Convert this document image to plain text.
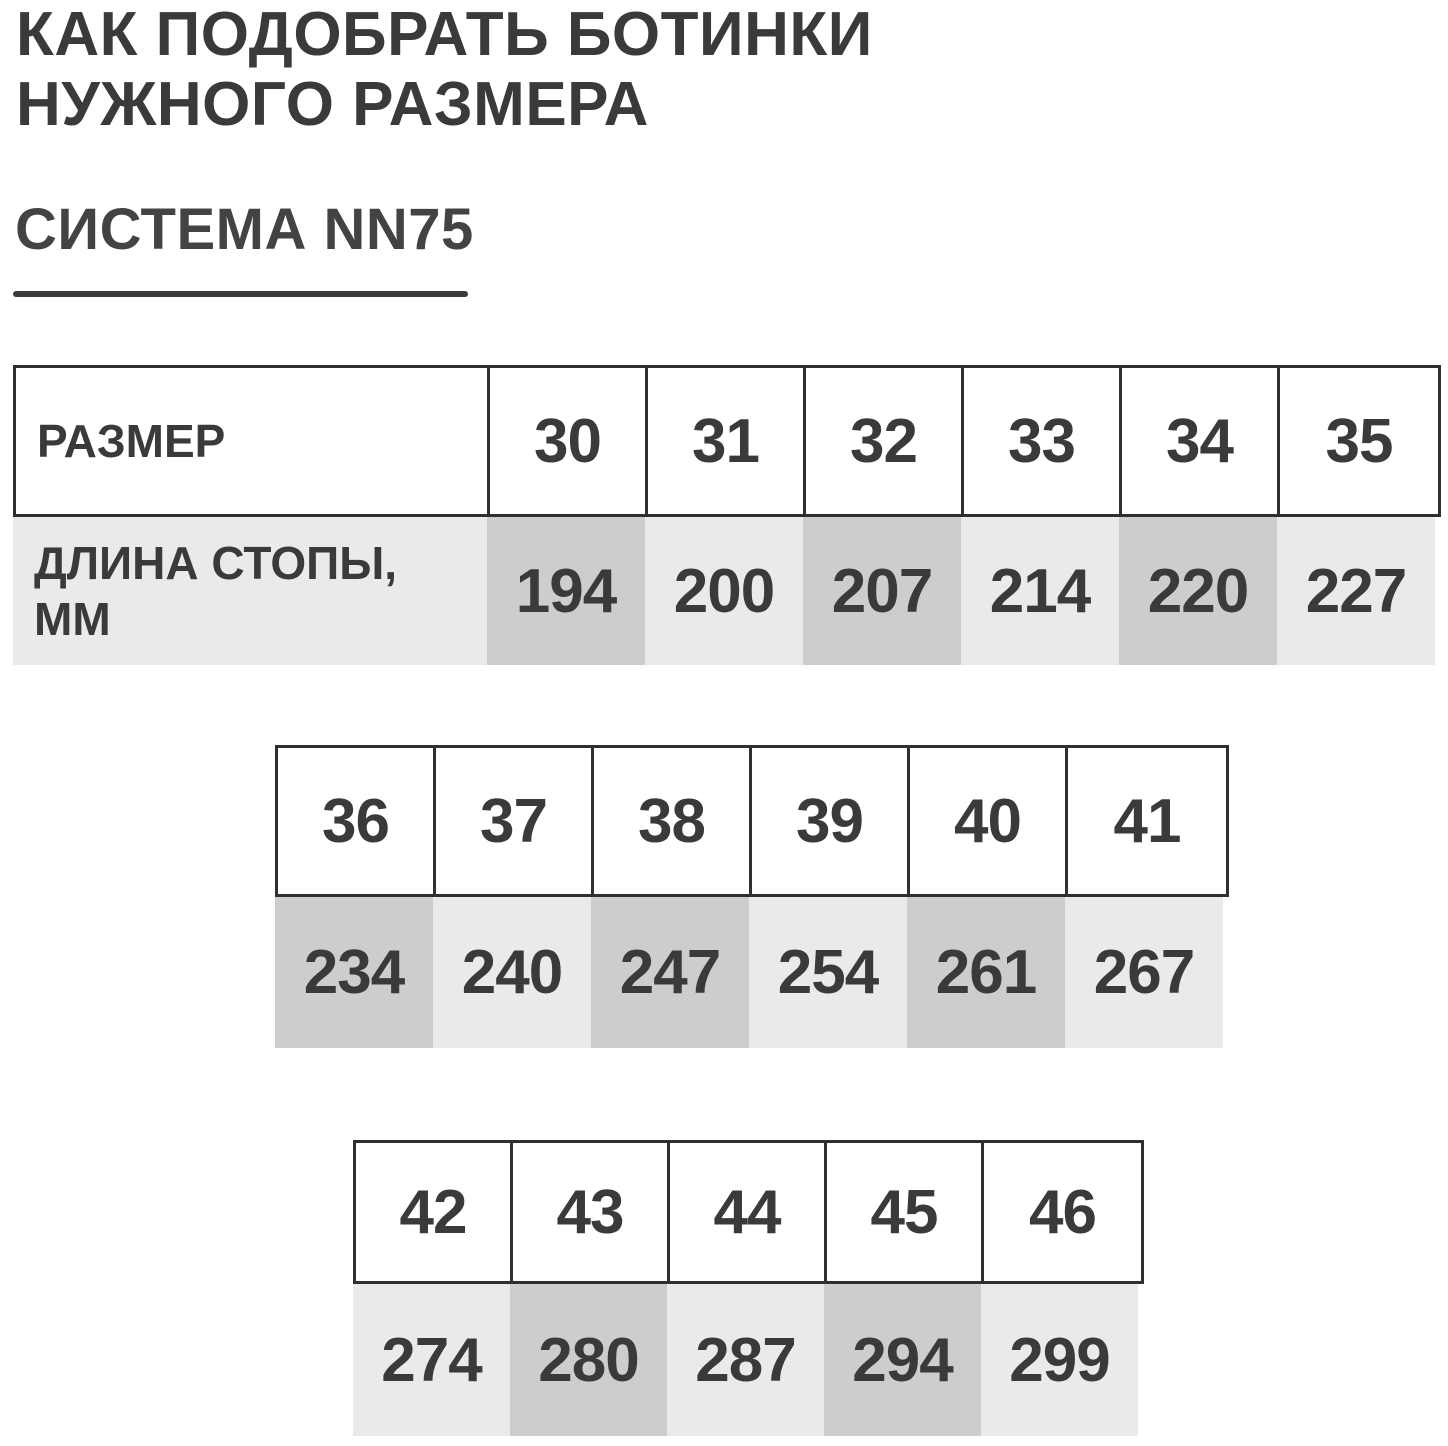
КАК ПОДОБРАТЬ БОТИНКИ
НУЖНОГО РАЗМЕРА
СИСТЕМА NN75
РАЗМЕР	30	31	32	33	34	35
ДЛИНА СТОПЫ, ММ	194 200 207 214 220 227
36	37	38	39	40	41
234 240 247 254 261 267
42	43	44	45	46
274 280 287 294 299
